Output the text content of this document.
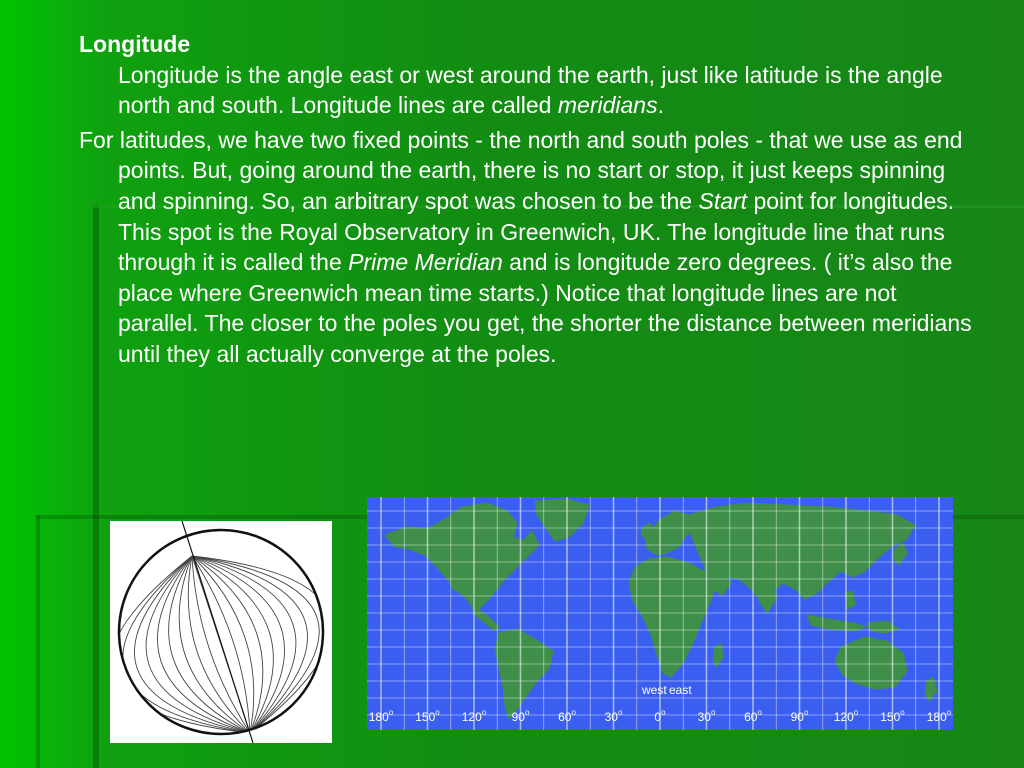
Longitude

Longitude is the angle east or west around the earth, just like latitude is the angle north and south. Longitude lines are called meridians.

For latitudes, we have two fixed points - the north and south poles - that we use as end points. But, going around the earth, there is no start or stop, it just keeps spinning and spinning. So, an arbitrary spot was chosen to be the Start point for longitudes. This spot is the Royal Observatory in Greenwich, UK. The longitude line that runs through it is called the Prime Meridian and is longitude zero degrees. ( it’s also the place where Greenwich mean time starts.) Notice that longitude lines are not parallel. The closer to the poles you get, the shorter the distance between meridians until they all actually converge at the poles.

180$^o$ 150$^o$ 120$^o$ 90$^o$ 60$^o$ 30$^o$	0$^o$	30$^o$ 60$^o$ 90$^o$ 120$^o$ 150$^o$ 180$^o$
west east
